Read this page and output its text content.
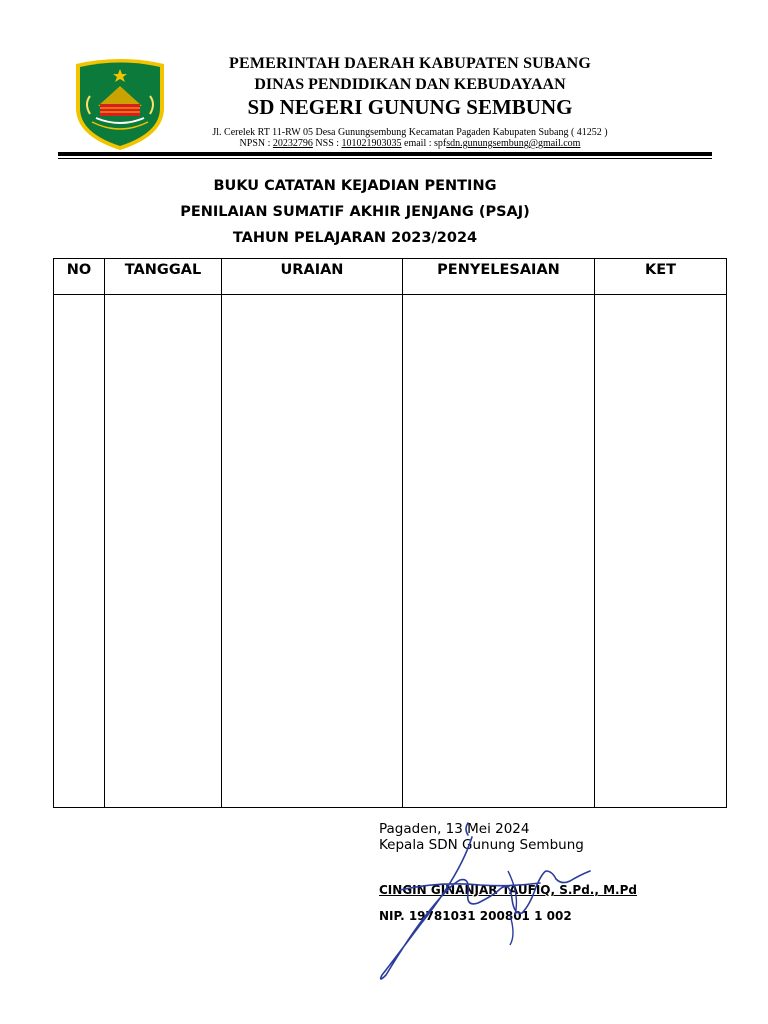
PEMERINTAH DAERAH KABUPATEN SUBANG
DINAS PENDIDIKAN DAN KEBUDAYAAN
SD NEGERI GUNUNG SEMBUNG
Jl. Cerelek RT 11-RW 05 Desa Gunungsembung Kecamatan Pagaden Kabupaten Subang ( 41252 )
NPSN : 20232796 NSS : 101021903035 email : spfsdn.gunungsembung@gmail.com
BUKU CATATAN KEJADIAN PENTING
PENILAIAN SUMATIF AKHIR JENJANG (PSAJ)
TAHUN PELAJARAN 2023/2024
NO	TANGGAL	URAIAN	PENYELESAIAN	KET

Pagaden, 13 Mei 2024
Kepala SDN Gunung Sembung
CINGIN GINANJAR TAUFIQ, S.Pd., M.Pd
NIP. 19781031 200801 1 002
